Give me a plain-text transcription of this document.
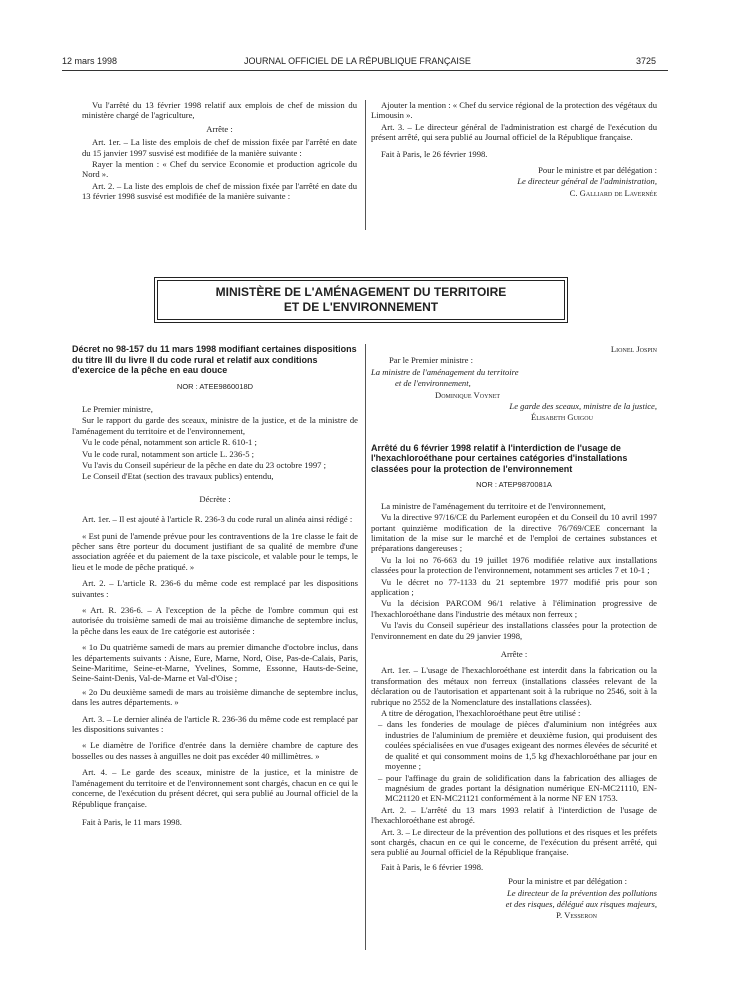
12 mars 1998	JOURNAL OFFICIEL DE LA RÉPUBLIQUE FRANÇAISE	3725

Vu l'arrêté du 13 février 1998 relatif aux emplois de chef de mission du ministère chargé de l'agriculture,

Arrête :

Art. 1er. – La liste des emplois de chef de mission fixée par l'arrêté en date du 15 janvier 1997 susvisé est modifiée de la manière suivante :

Rayer la mention : « Chef du service Economie et production agricole du Nord ».

Art. 2. – La liste des emplois de chef de mission fixée par l'arrêté en date du 13 février 1998 susvisé est modifiée de la manière suivante :

Ajouter la mention : « Chef du service régional de la protection des végétaux du Limousin ».

Art. 3. – Le directeur général de l'administration est chargé de l'exécution du présent arrêté, qui sera publié au Journal officiel de la République française.

Fait à Paris, le 26 février 1998.

Pour le ministre et par délégation :

Le directeur général de l'administration,

C. Galliard de Lavernée

MINISTÈRE DE L'AMÉNAGEMENT DU TERRITOIRE
ET DE L'ENVIRONNEMENT

Décret no 98-157 du 11 mars 1998 modifiant certaines dispositions du titre III du livre II du code rural et relatif aux conditions d'exercice de la pêche en eau douce

NOR : ATEE9860018D

Le Premier ministre,

Sur le rapport du garde des sceaux, ministre de la justice, et de la ministre de l'aménagement du territoire et de l'environnement,

Vu le code pénal, notamment son article R. 610-1 ;

Vu le code rural, notamment son article L. 236-5 ;

Vu l'avis du Conseil supérieur de la pêche en date du 23 octobre 1997 ;

Le Conseil d'Etat (section des travaux publics) entendu,

Décrète :

Art. 1er. – Il est ajouté à l'article R. 236-3 du code rural un alinéa ainsi rédigé :

« Est puni de l'amende prévue pour les contraventions de la 1re classe le fait de pêcher sans être porteur du document justifiant de sa qualité de membre d'une association agréée et du paiement de la taxe piscicole, et valable pour le temps, le lieu et le mode de pêche pratiqué. »

Art. 2. – L'article R. 236-6 du même code est remplacé par les dispositions suivantes :

« Art. R. 236-6. – A l'exception de la pêche de l'ombre commun qui est autorisée du troisième samedi de mai au troisième dimanche de septembre inclus, la pêche dans les eaux de 1re catégorie est autorisée :

« 1o Du quatrième samedi de mars au premier dimanche d'octobre inclus, dans les départements suivants : Aisne, Eure, Marne, Nord, Oise, Pas-de-Calais, Paris, Seine-Maritime, Seine-et-Marne, Yvelines, Somme, Essonne, Hauts-de-Seine, Seine-Saint-Denis, Val-de-Marne et Val-d'Oise ;

« 2o Du deuxième samedi de mars au troisième dimanche de septembre inclus, dans les autres départements. »

Art. 3. – Le dernier alinéa de l'article R. 236-36 du même code est remplacé par les dispositions suivantes :

« Le diamètre de l'orifice d'entrée dans la dernière chambre de capture des bosselles ou des nasses à anguilles ne doit pas excéder 40 millimètres. »

Art. 4. – Le garde des sceaux, ministre de la justice, et la ministre de l'aménagement du territoire et de l'environnement sont chargés, chacun en ce qui le concerne, de l'exécution du présent décret, qui sera publié au Journal officiel de la République française.

Fait à Paris, le 11 mars 1998.

Lionel Jospin

Par le Premier ministre :

La ministre de l'aménagement du territoire

et de l'environnement,

Dominique Voynet

Le garde des sceaux, ministre de la justice,

Élisabeth Guigou

Arrêté du 6 février 1998 relatif à l'interdiction de l'usage de l'hexachloroéthane pour certaines catégories d'installations classées pour la protection de l'environnement

NOR : ATEP9870081A

La ministre de l'aménagement du territoire et de l'environnement,

Vu la directive 97/16/CE du Parlement européen et du Conseil du 10 avril 1997 portant quinzième modification de la directive 76/769/CEE concernant la limitation de la mise sur le marché et de l'emploi de certaines substances et préparations dangereuses ;

Vu la loi no 76-663 du 19 juillet 1976 modifiée relative aux installations classées pour la protection de l'environnement, notamment ses articles 7 et 10-1 ;

Vu le décret no 77-1133 du 21 septembre 1977 modifié pris pour son application ;

Vu la décision PARCOM 96/1 relative à l'élimination progressive de l'hexachloroéthane dans l'industrie des métaux non ferreux ;

Vu l'avis du Conseil supérieur des installations classées pour la protection de l'environnement en date du 29 janvier 1998,

Arrête :

Art. 1er. – L'usage de l'hexachloroéthane est interdit dans la fabrication ou la transformation des métaux non ferreux (installations classées relevant de la déclaration ou de l'autorisation et appartenant soit à la rubrique no 2546, soit à la rubrique no 2552 de la Nomenclature des installations classées).

A titre de dérogation, l'hexachloroéthane peut être utilisé :

– dans les fonderies de moulage de pièces d'aluminium non intégrées aux industries de l'aluminium de première et deuxième fusion, qui produisent des coulées spécialisées en vue d'usages exigeant des normes élevées de sécurité et de qualité et qui consomment moins de 1,5 kg d'hexachloroéthane par jour en moyenne ;

– pour l'affinage du grain de solidification dans la fabrication des alliages de magnésium de grades portant la désignation numérique EN-MC21110, EN-MC21120 et EN-MC21121 conformément à la norme NF EN 1753.

Art. 2. – L'arrêté du 13 mars 1993 relatif à l'interdiction de l'usage de l'hexachloroéthane est abrogé.

Art. 3. – Le directeur de la prévention des pollutions et des risques et les préfets sont chargés, chacun en ce qui le concerne, de l'exécution du présent arrêté, qui sera publié au Journal officiel de la République française.

Fait à Paris, le 6 février 1998.

Pour la ministre et par délégation :

Le directeur de la prévention des pollutions

et des risques, délégué aux risques majeurs,

P. Vesseron
